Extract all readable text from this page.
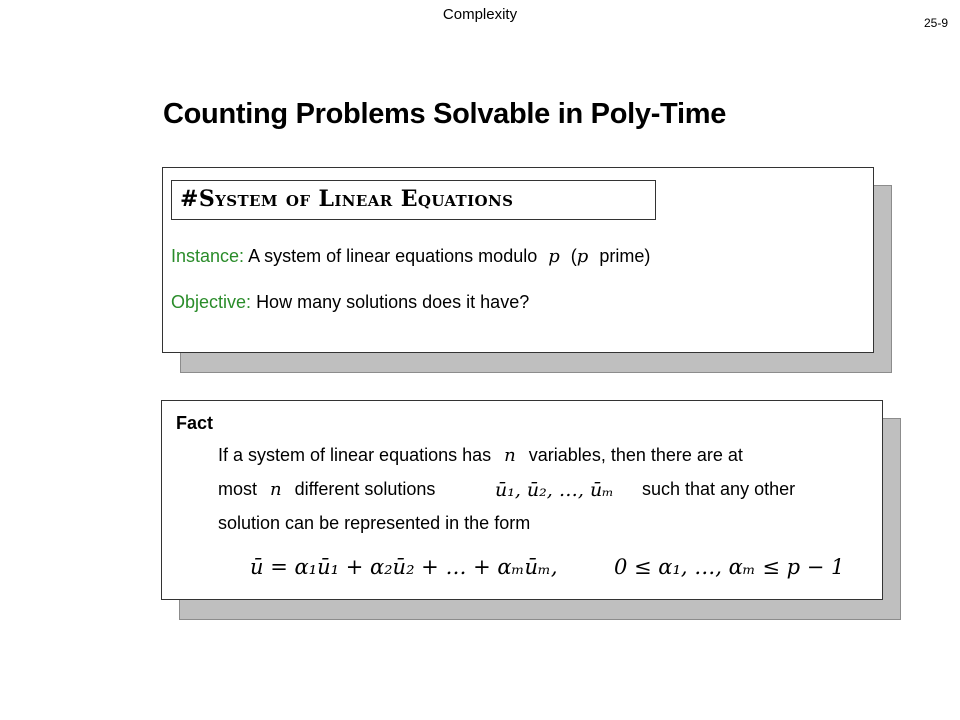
Complexity	25-9
Counting Problems Solvable in Poly-Time
#System of Linear Equations
Instance: A system of linear equations modulo p (p prime)
Objective: How many solutions does it have?
Fact
If a system of linear equations has n variables, then there are at
most n different solutions	ū₁, ū₂, …, ūₘ such that any other
solution can be represented in the form
ū = α₁ū₁ + α₂ū₂ + … + αₘūₘ,	0 ≤ α₁, …, αₘ ≤ p − 1
